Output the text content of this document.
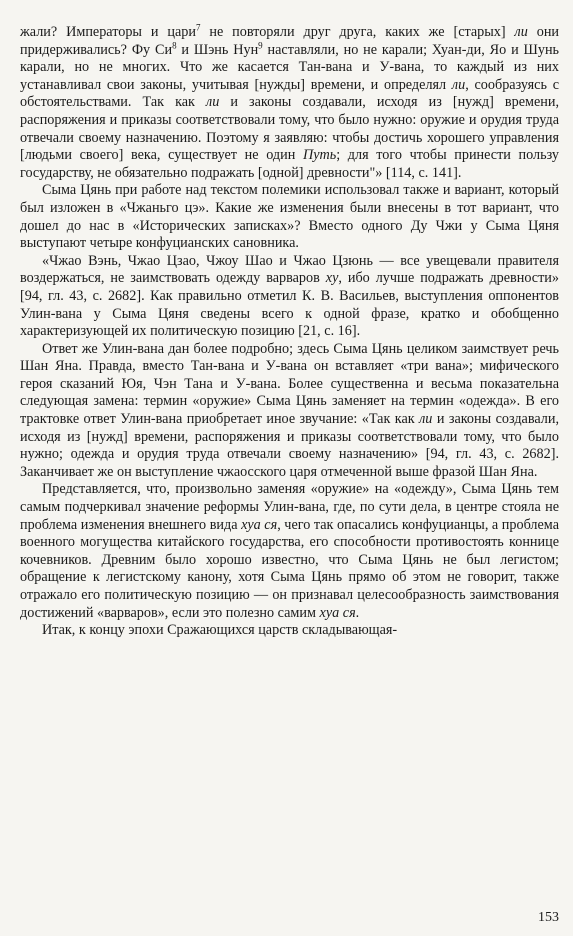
жали? Императоры и цари$^7$ не повторяли друг друга, каких же [старых] ли они придерживались? Фу $Си^8$ и Шэнь Нун$^9$ наставляли, но не карали; Хуан-ди, Яо и Шунь карали, но не многих. Что же касается Тан-вана и У-вана, то каждый из них устанавливал свои законы, учитывая [нужды] времени, и определял ли, сообразуясь с обстоятельствами. Так как ли и законы создавали, исходя из [нужд] времени, распоряжения и приказы соответствовали тому, что было нужно: оружие и орудия труда отвечали своему назначению. Поэтому я заявляю: чтобы достичь хорошего управления [людьми своего] века, существует не один Путь; для того чтобы принести пользу государству, не обязательно подражать [одной] древности"» [114, с. 141].

Сыма Цянь при работе над текстом полемики использовал также и вариант, который был изложен в «Чжаньго цэ». Какие же изменения были внесены в тот вариант, что дошел до нас в «Исторических записках»? Вместо одного Ду Чжи у Сыма Цяня выступают четыре конфуцианских сановника.

«Чжао Вэнь, Чжао Цзао, Чжоу Шао и Чжао Цзюнь — все увещевали правителя воздержаться, не заимствовать одежду варваров ху, ибо лучше подражать древности» [94, гл. 43, с. 2682]. Как правильно отметил К. В. Васильев, выступления оппонентов Улин-вана у Сыма Цяня сведены всего к одной фразе, кратко и обобщенно характеризующей их политическую позицию [21, с. 16].

Ответ же Улин-вана дан более подробно; здесь Сыма Цянь целиком заимствует речь Шан Яна. Правда, вместо Тан-вана и У-вана он вставляет «три вана»; мифического героя сказаний Юя, Чэн Тана и У-вана. Более существенна и весьма показательна следующая замена: термин «оружие» Сыма Цянь заменяет на термин «одежда». В его трактовке ответ Улин-вана приобретает иное звучание: «Так как ли и законы создавали, исходя из [нужд] времени, распоряжения и приказы соответствовали тому, что было нужно; одежда и орудия труда отвечали своему назначению» [94, гл. 43, с. 2682]. Заканчивает же он выступление чжаосского царя отмеченной выше фразой Шан Яна.

Представляется, что, произвольно заменяя «оружие» на «одежду», Сыма Цянь тем самым подчеркивал значение реформы Улин-вана, где, по сути дела, в центре стояла не проблема изменения внешнего вида хуа ся, чего так опасались конфуцианцы, а проблема военного могущества китайского государства, его способности противостоять коннице кочевников. Древним было хорошо известно, что Сыма Цянь не был легистом; обращение к легистскому канону, хотя Сыма Цянь прямо об этом не говорит, также отражало его политическую позицию — он признавал целесообразность заимствования достижений «варваров», если это полезно самим хуа ся.

Итак, к концу эпохи Сражающихся царств складывающая-

153
